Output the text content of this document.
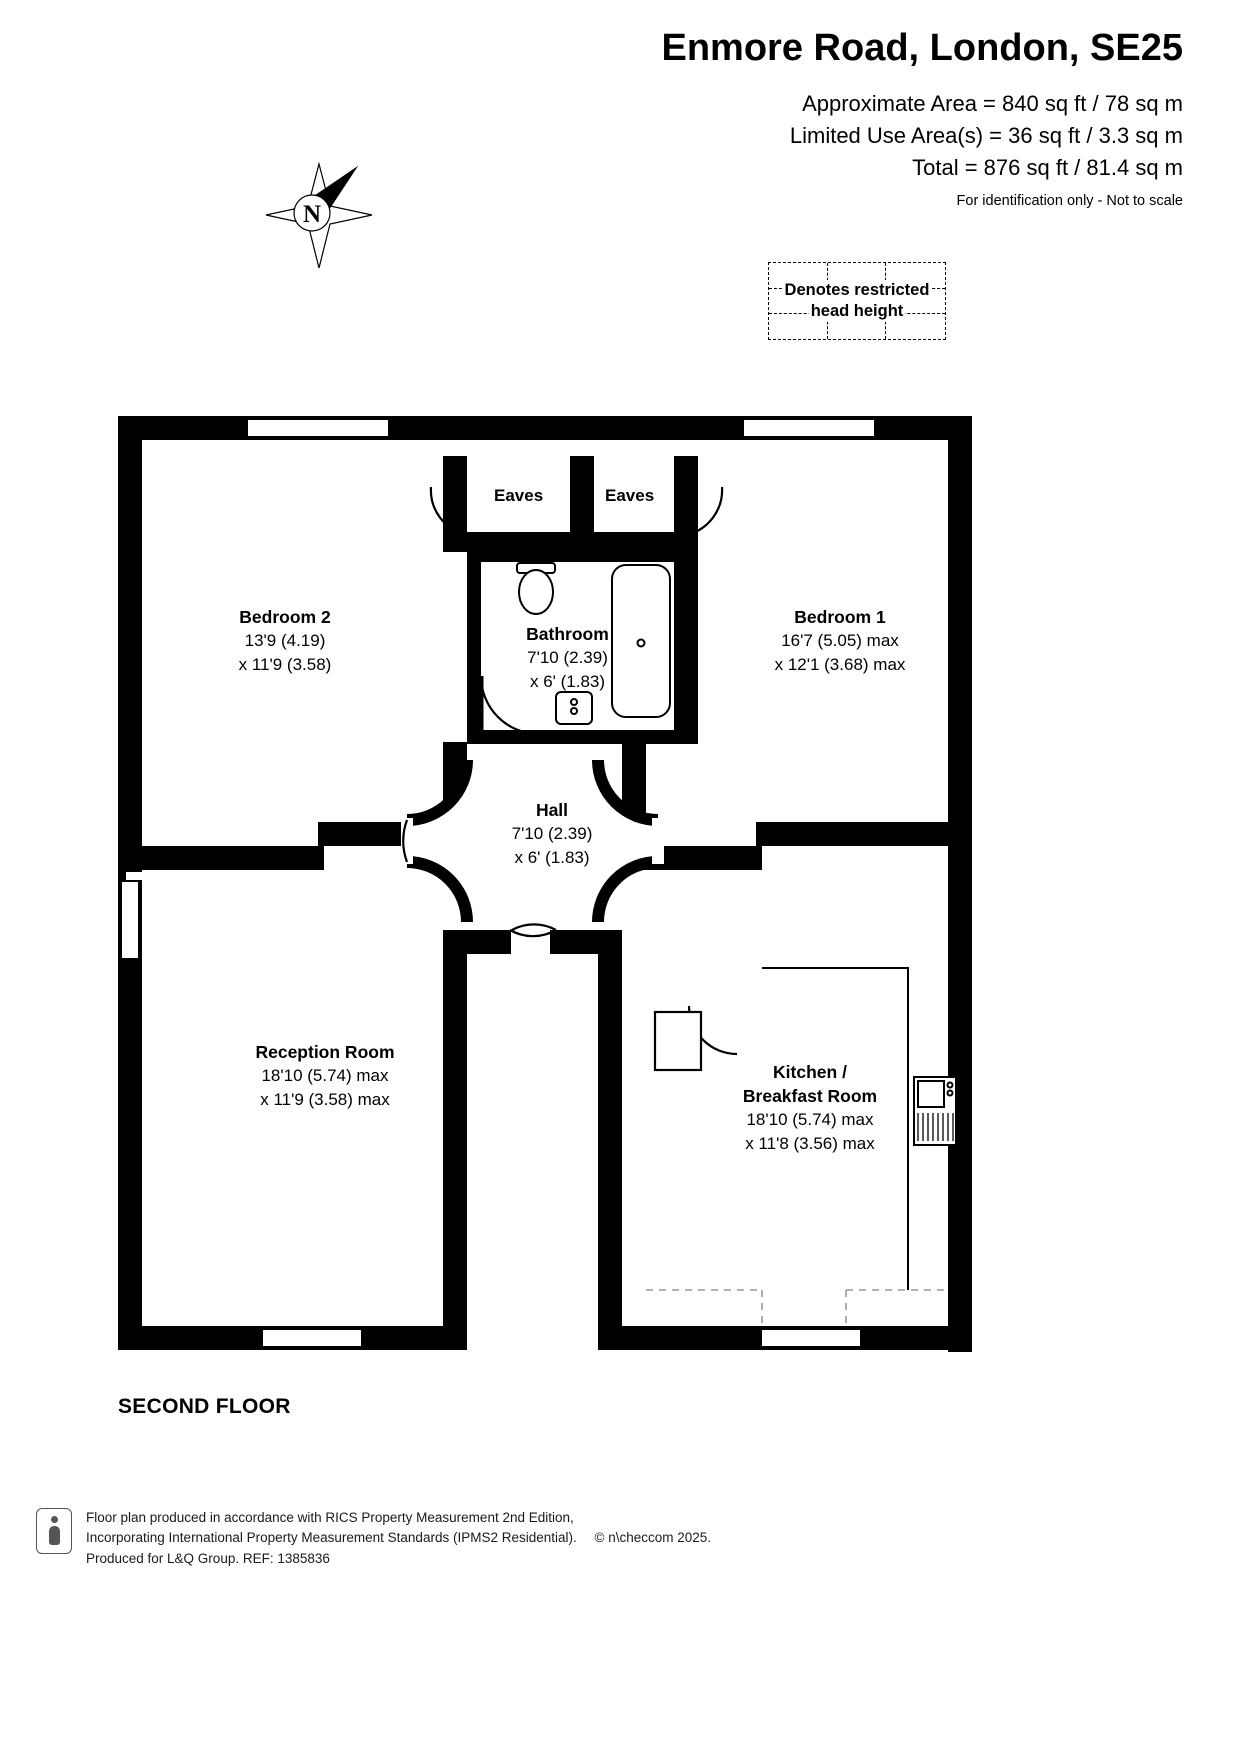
Enmore Road, London, SE25
Approximate Area = 840 sq ft / 78 sq m
Limited Use Area(s) = 36 sq ft / 3.3 sq m
Total = 876 sq ft / 81.4 sq m
For identification only - Not to scale
N
Denotes restricted
head height
Bedroom 2
13'9 (4.19)
x 11'9 (3.58)
Bathroom
7'10 (2.39)
x 6' (1.83)
Bedroom 1
16'7 (5.05) max
x 12'1 (3.68) max
Hall
7'10 (2.39)
x 6' (1.83)
Reception Room
18'10 (5.74) max
x 11'9 (3.58) max
Kitchen /
Breakfast Room
18'10 (5.74) max
x 11'8 (3.56) max
Eaves	Eaves
SECOND FLOOR
Floor plan produced in accordance with RICS Property Measurement 2nd Edition,
Incorporating International Property Measurement Standards (IPMS2 Residential). © n\checcom 2025.
Produced for L&Q Group. REF: 1385836
